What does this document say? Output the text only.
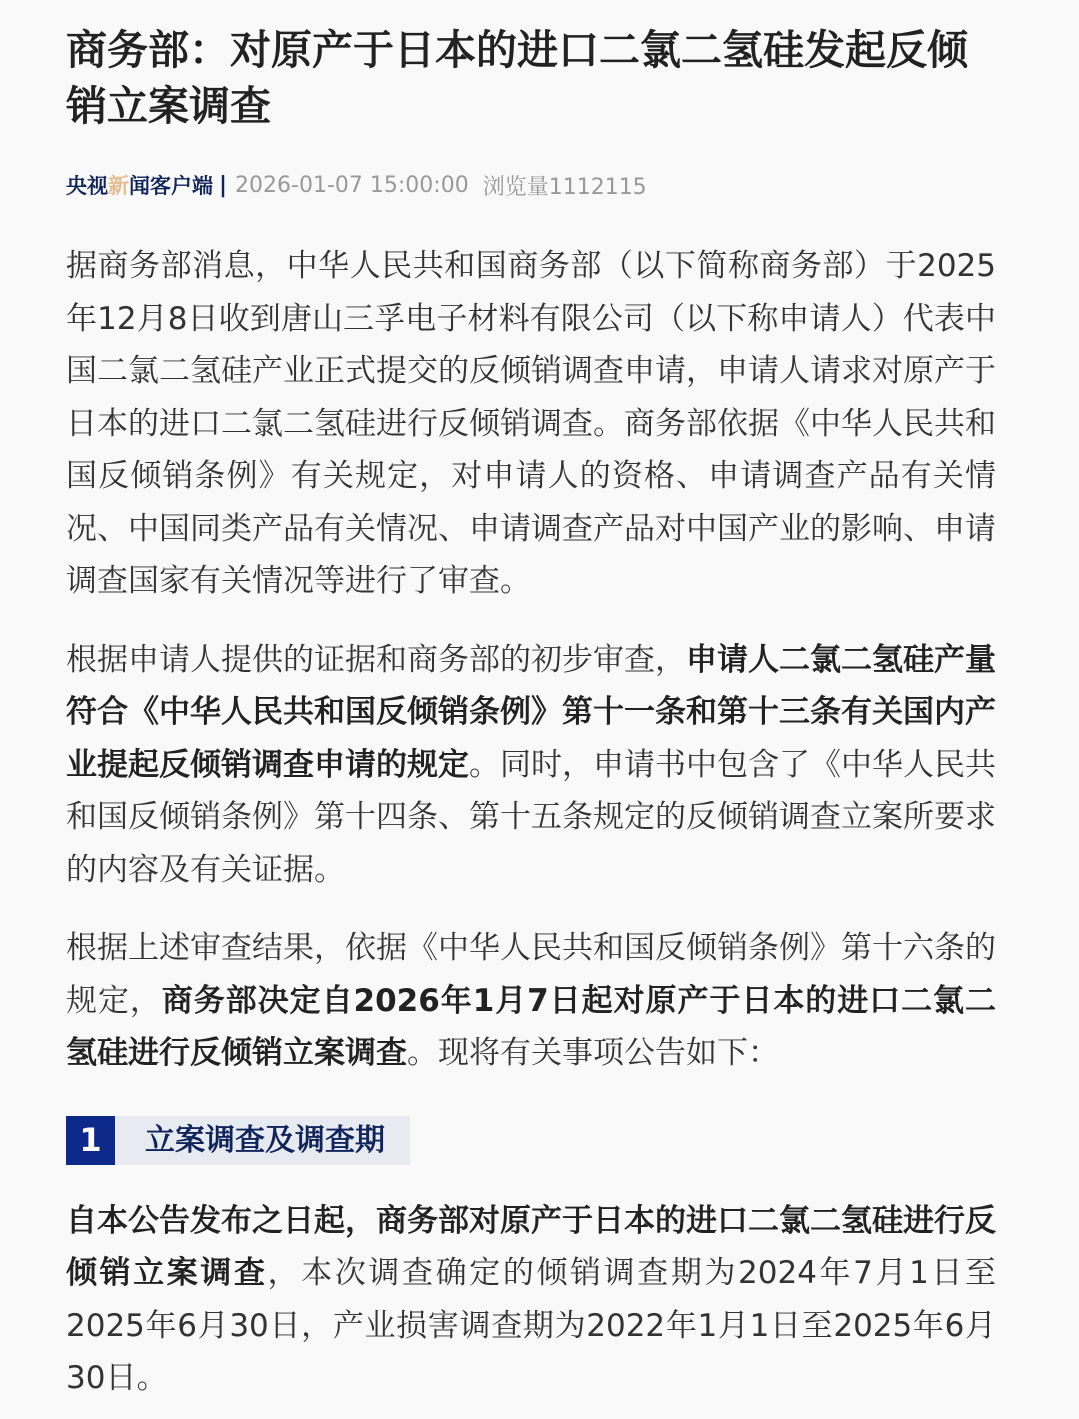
商务部：对原产于日本的进口二氯二氢硅发起反倾销立案调查
央视新闻客户端 | 2026-01-07 15:00:00 浏览量1112115

据商务部消息，中华人民共和国商务部（以下简称商务部）于2025年12月8日收到唐山三孚电子材料有限公司（以下称申请人）代表中国二氯二氢硅产业正式提交的反倾销调查申请，申请人请求对原产于日本的进口二氯二氢硅进行反倾销调查。商务部依据《中华人民共和国反倾销条例》有关规定，对申请人的资格、申请调查产品有关情况、中国同类产品有关情况、申请调查产品对中国产业的影响、申请调查国家有关情况等进行了审查。

根据申请人提供的证据和商务部的初步审查，申请人二氯二氢硅产量符合《中华人民共和国反倾销条例》第十一条和第十三条有关国内产业提起反倾销调查申请的规定。同时，申请书中包含了《中华人民共和国反倾销条例》第十四条、第十五条规定的反倾销调查立案所要求的内容及有关证据。

根据上述审查结果，依据《中华人民共和国反倾销条例》第十六条的规定，商务部决定自2026年1月7日起对原产于日本的进口二氯二氢硅进行反倾销立案调查。现将有关事项公告如下：

1	立案调查及调查期

自本公告发布之日起，商务部对原产于日本的进口二氯二氢硅进行反倾销立案调查，本次调查确定的倾销调查期为2024年7月1日至2025年6月30日，产业损害调查期为2022年1月1日至2025年6月30日。
